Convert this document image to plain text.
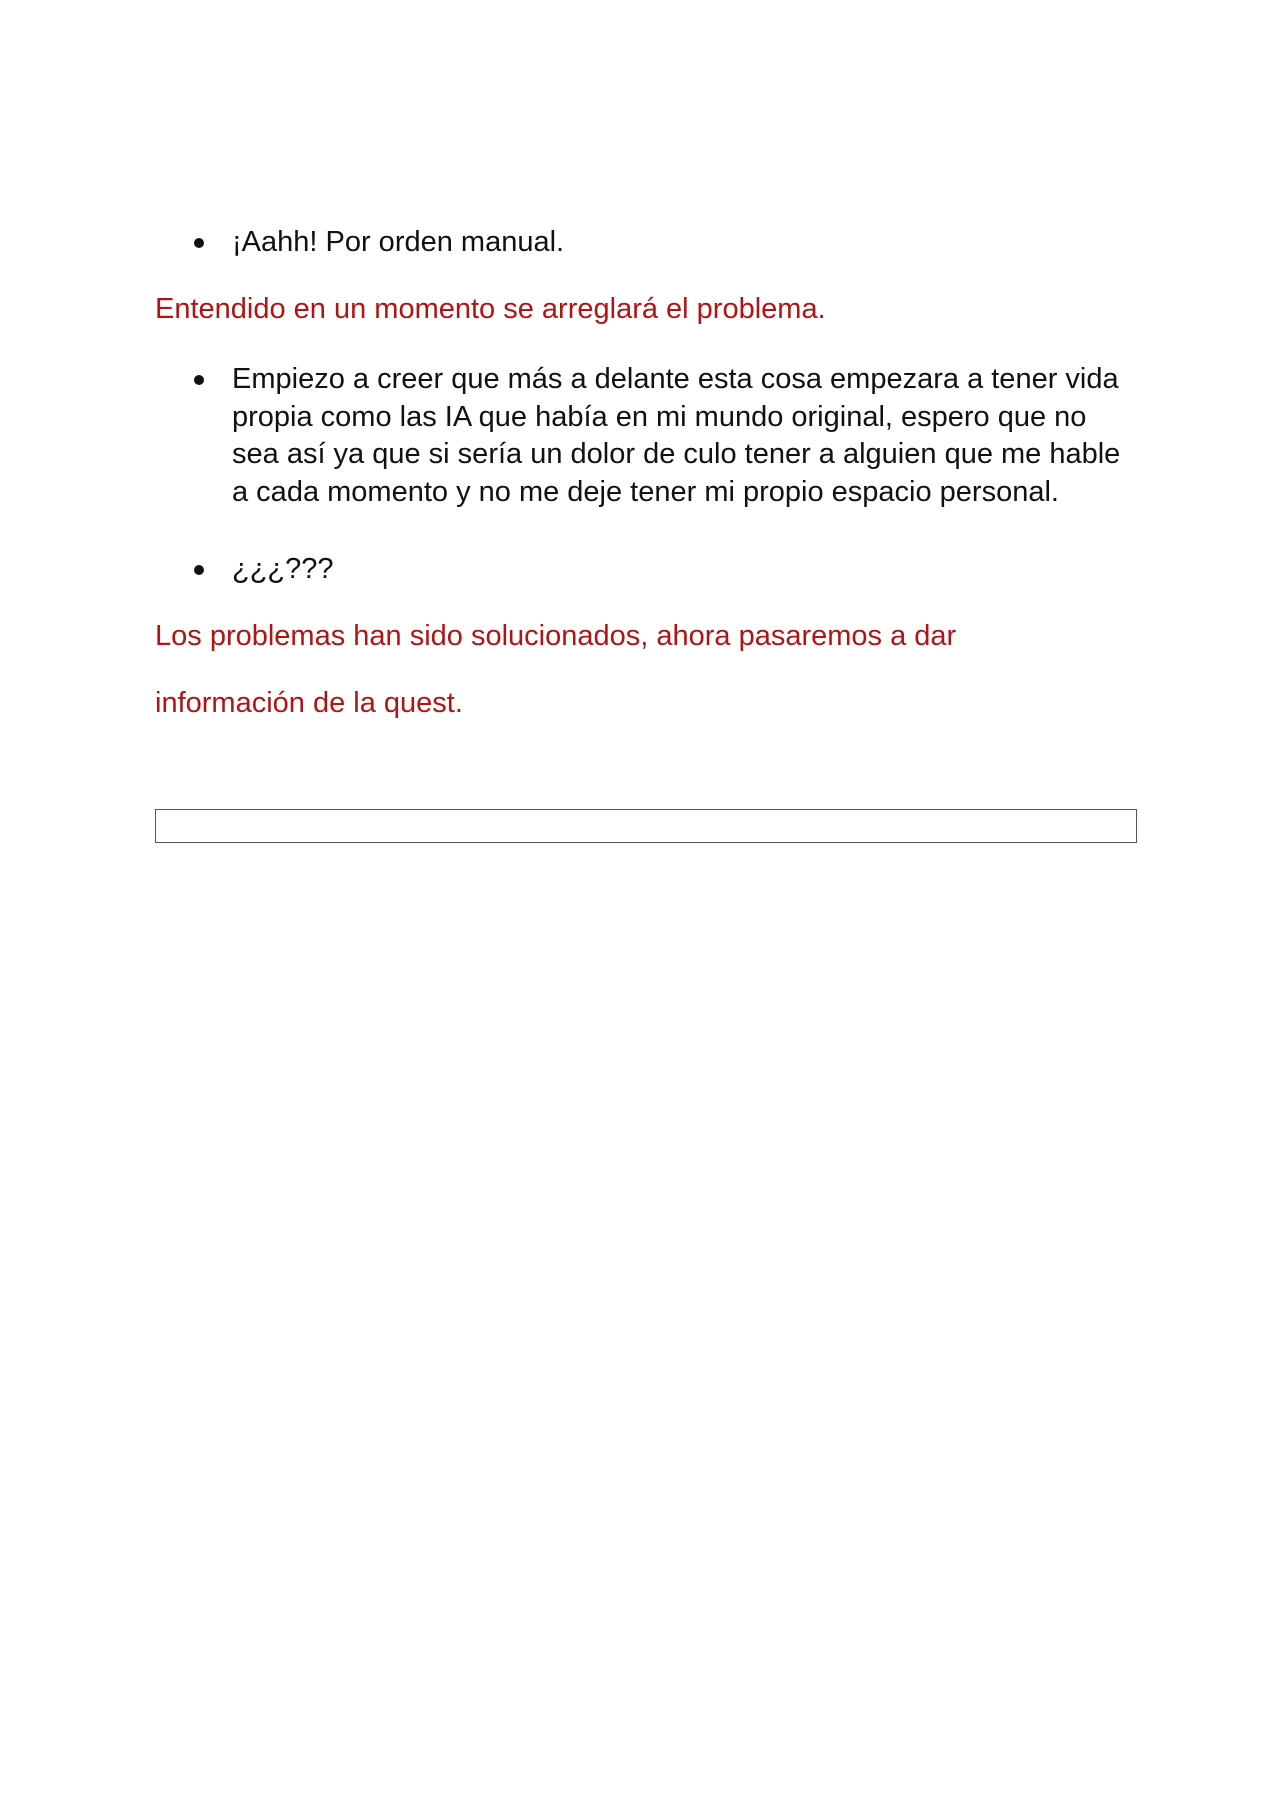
¡Aahh! Por orden manual.
Entendido en un momento se arreglará el problema.
Empiezo a creer que más a delante esta cosa empezara a tener vida propia como las IA que había en mi mundo original, espero que no sea así ya que si sería un dolor de culo tener a alguien que me hable a cada momento y no me deje tener mi propio espacio personal.
¿¿¿???
Los problemas han sido solucionados, ahora pasaremos a dar
información de la quest.
